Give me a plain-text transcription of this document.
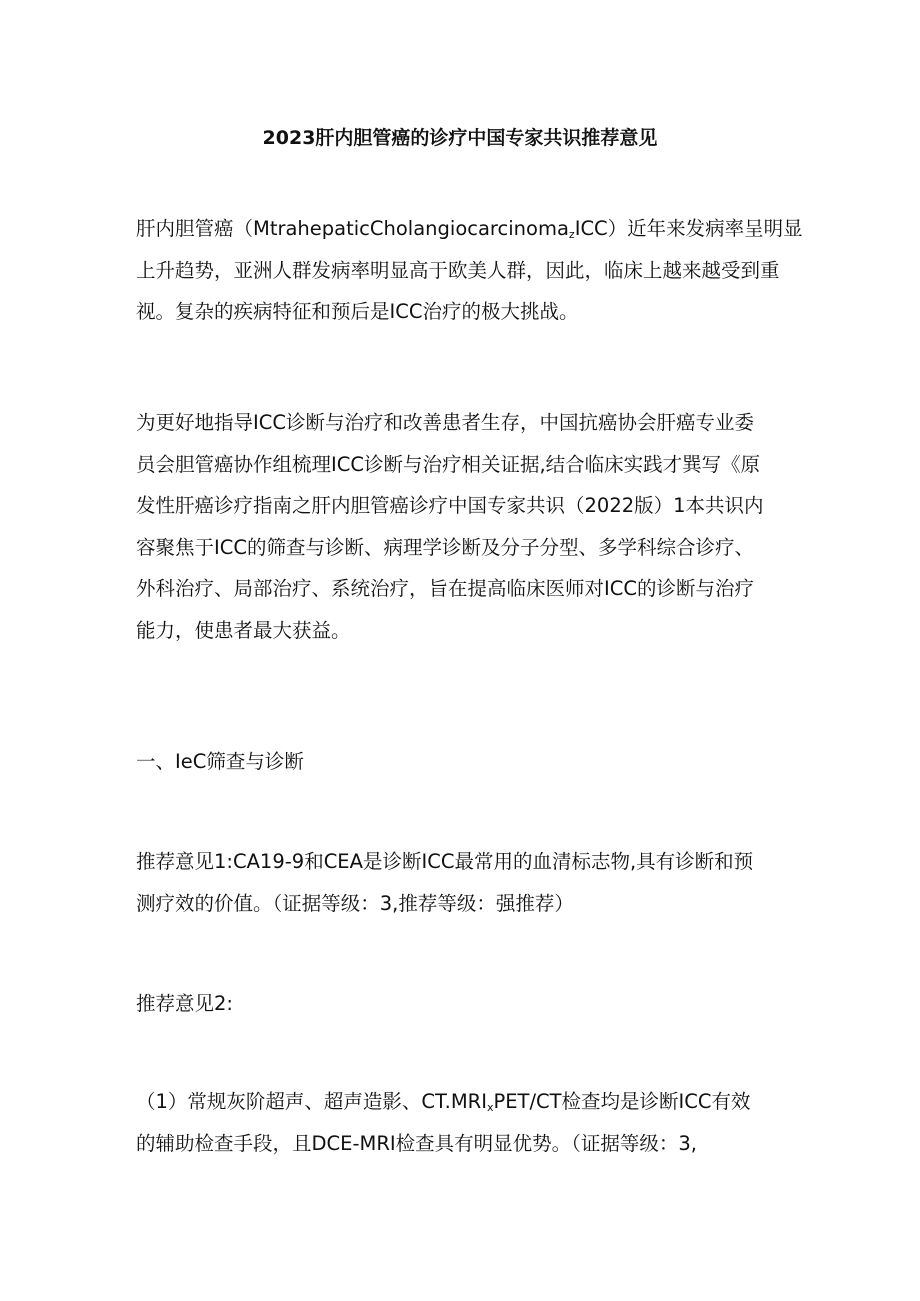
2023肝内胆管癌的诊疗中国专家共识推荐意见

肝内胆管癌（MtrahepaticCholangiocarcinoma$_z$ICC）近年来发病率呈明显
上升趋势，亚洲人群发病率明显高于欧美人群，因此，临床上越来越受到重
视。复杂的疾病特征和预后是ICC治疗的极大挑战。

为更好地指导ICC诊断与治疗和改善患者生存，中国抗癌协会肝癌专业委
员会胆管癌协作组梳理ICC诊断与治疗相关证据,结合临床实践才巽写《原
发性肝癌诊疗指南之肝内胆管癌诊疗中国专家共识（2022版）1本共识内
容聚焦于ICC的筛查与诊断、病理学诊断及分子分型、多学科综合诊疗、
外科治疗、局部治疗、系统治疗，旨在提高临床医师对ICC的诊断与治疗
能力，使患者最大获益。

一、IeC筛查与诊断

推荐意见1:CA19-9和CEA是诊断ICC最常用的血清标志物,具有诊断和预
测疗效的价值。（证据等级：3,推荐等级：强推荐）

推荐意见2:

（1）常规灰阶超声、超声造影、$CT.MRI_xPET/CT$检查均是诊断ICC有效
的辅助检查手段，且DCE-MRI检查具有明显优势。（证据等级：3,
